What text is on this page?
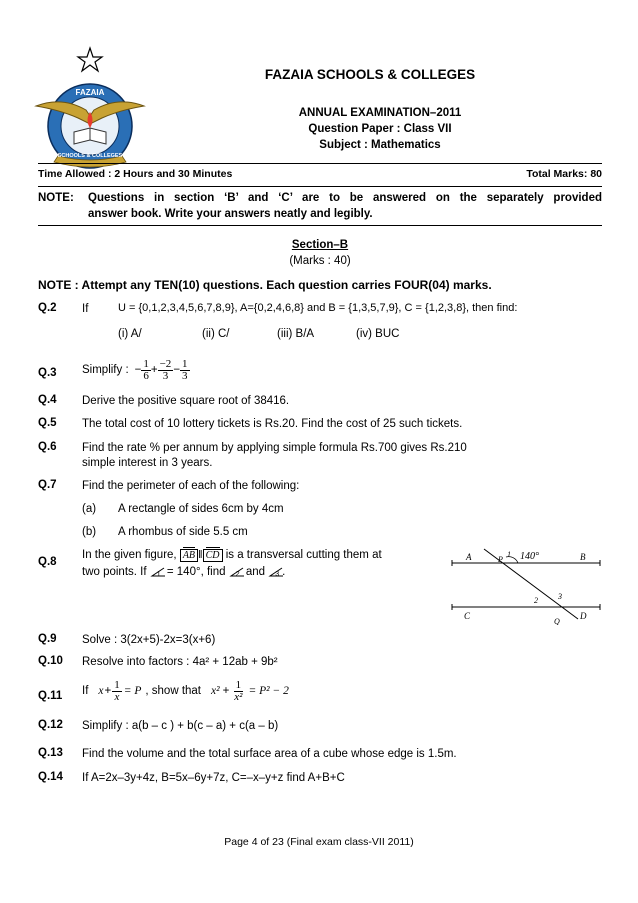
FAZAIA
SCHOOLS & COLLEGES
FAZAIA SCHOOLS & COLLEGES
ANNUAL EXAMINATION–2011
Question Paper : Class VII
Subject : Mathematics
Time Allowed : 2 Hours and 30 Minutes	Total Marks: 80
NOTE: Questions in section ‘B’ and ‘C’ are to be answered on the separately provided
answer book. Write your answers neatly and legibly.
Section–B
(Marks : 40)
NOTE : Attempt any TEN(10) questions. Each question carries FOUR(04) marks.
Q.2 If	U = {0,1,2,3,4,5,6,7,8,9}, A={0,2,4,6,8} and B = {1,3,5,7,9}, C = {1,2,3,8}, then find:
(i) A/	(ii) C/	(iii) B/A	(iv) BUC
Q.3 Simplify : − $\frac{1}{6} + \frac{-2}{3} - \frac{1}{3}$
Q.4 Derive the positive square root of 38416.
Q.5 The total cost of 10 lottery tickets is Rs.20. Find the cost of 25 such tickets.
Q.6 Find the rate % per annum by applying simple formula Rs.700 gives Rs.210
simple interest in 3 years.
Q.7 Find the perimeter of each of the following:
(a) A rectangle of sides 6cm by 4cm
(b) A rhombus of side 5.5 cm
Q.8
In the given figure, AB ‖ CD is a transversal cutting them at
two points. If 1 = 140°, find 2 and 3 .
A	B
C	D
P
Q
1
2	3
140°
Q.9 Solve : 3(2x+5)-2x=3(x+6)
Q.10 Resolve into factors : 4a² + 12ab + 9b²
Q.11 If $x + \frac{1}{x} = P$ , show that $x^2 + \frac{1}{\text{x²}} = P^2 - 2$
Q.12 Simplify : a(b – c ) + b(c – a) + c(a – b)
Q.13 Find the volume and the total surface area of a cube whose edge is 1.5m.
Q.14 If A=2x–3y+4z, B=5x–6y+7z, C=–x–y+z find A+B+C
Page 4 of 23 (Final exam class-VII 2011)
